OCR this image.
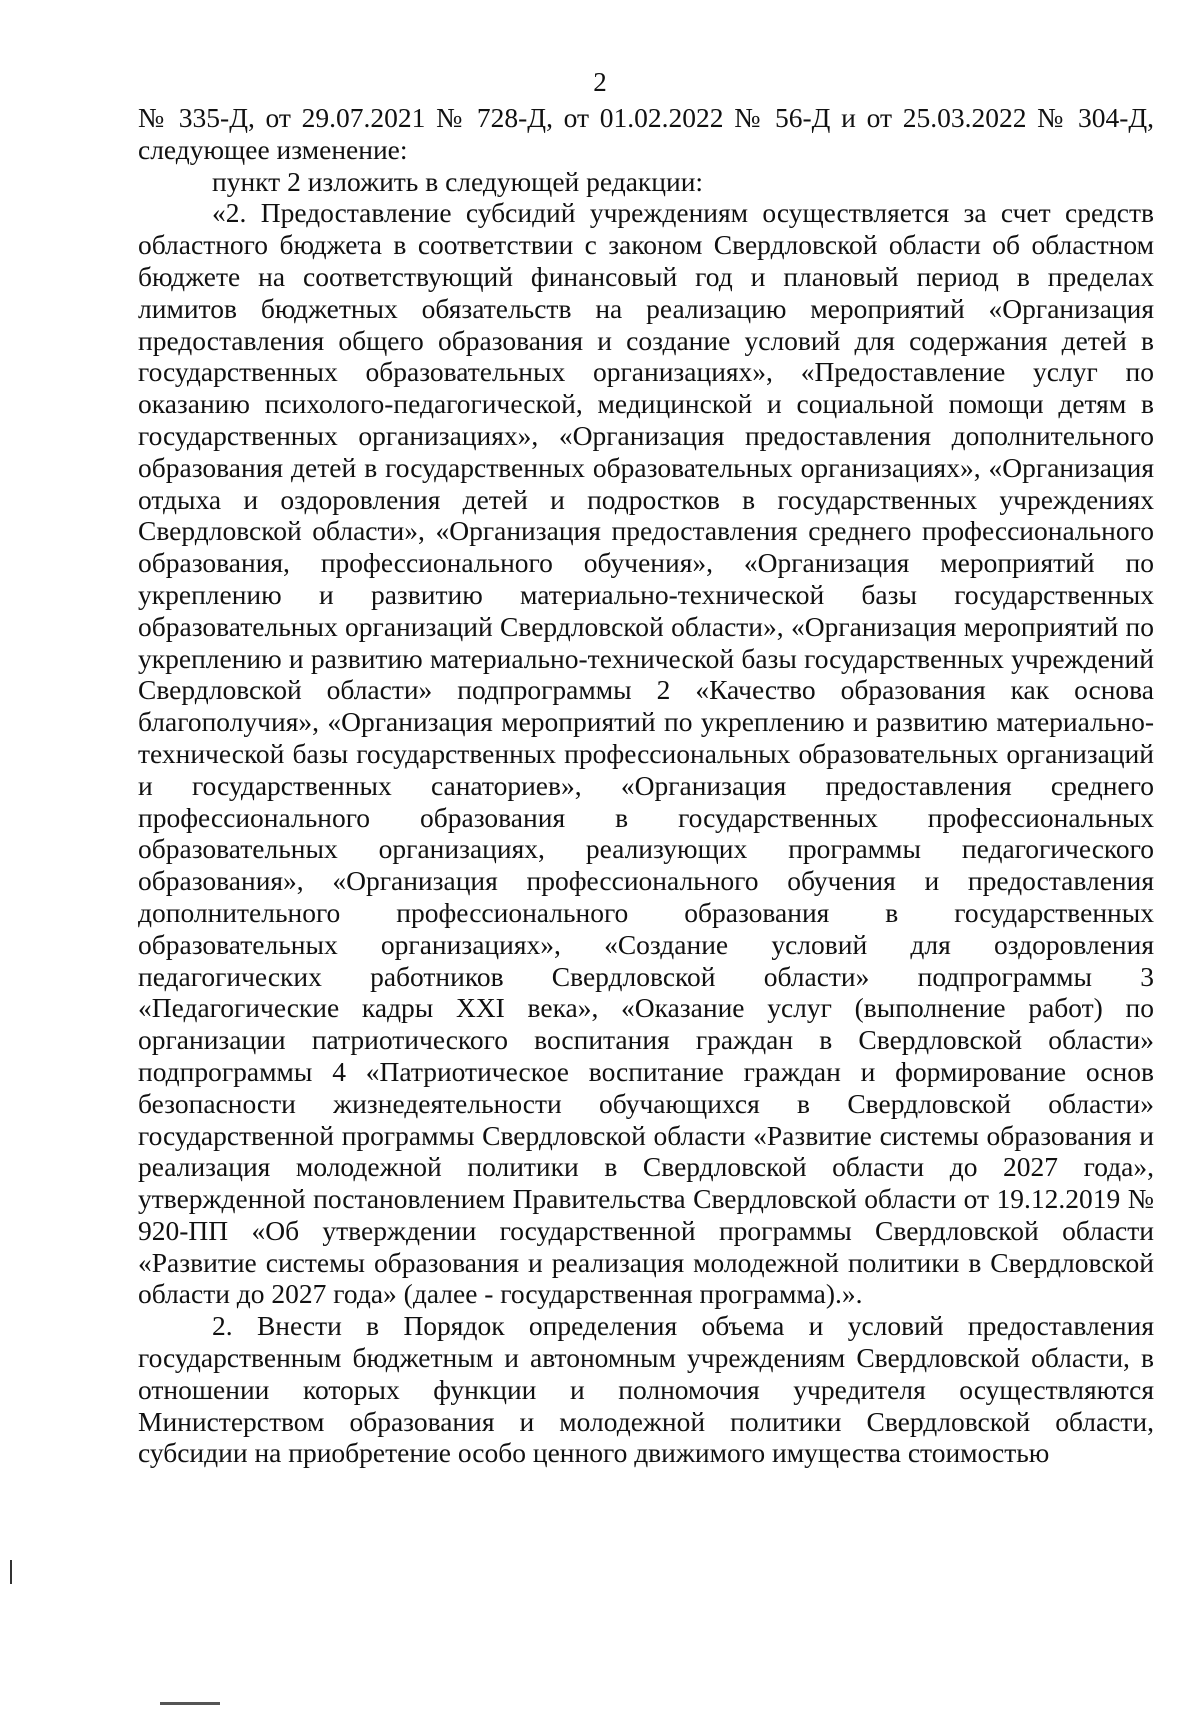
2

№ 335-Д, от 29.07.2021 № 728-Д, от 01.02.2022 № 56-Д и от 25.03.2022 № 304-Д, следующее изменение:

пункт 2 изложить в следующей редакции:

«2. Предоставление субсидий учреждениям осуществляется за счет средств областного бюджета в соответствии с законом Свердловской области об областном бюджете на соответствующий финансовый год и плановый период в пределах лимитов бюджетных обязательств на реализацию мероприятий «Организация предоставления общего образования и создание условий для содержания детей в государственных образовательных организациях», «Предоставление услуг по оказанию психолого-педагогической, медицинской и социальной помощи детям в государственных организациях», «Организация предоставления дополнительного образования детей в государственных образовательных организациях», «Организация отдыха и оздоровления детей и подростков в государственных учреждениях Свердловской области», «Организация предоставления среднего профессионального образования, профессионального обучения», «Организация мероприятий по укреплению и развитию материально-технической базы государственных образовательных организаций Свердловской области», «Организация мероприятий по укреплению и развитию материально-технической базы государственных учреждений Свердловской области» подпрограммы 2 «Качество образования как основа благополучия», «Организация мероприятий по укреплению и развитию материально-технической базы государственных профессиональных образовательных организаций и государственных санаториев», «Организация предоставления среднего профессионального образования в государственных профессиональных образовательных организациях, реализующих программы педагогического образования», «Организация профессионального обучения и предоставления дополнительного профессионального образования в государственных образовательных организациях», «Создание условий для оздоровления педагогических работников Свердловской области» подпрограммы 3 «Педагогические кадры XXI века», «Оказание услуг (выполнение работ) по организации патриотического воспитания граждан в Свердловской области» подпрограммы 4 «Патриотическое воспитание граждан и формирование основ безопасности жизнедеятельности обучающихся в Свердловской области» государственной программы Свердловской области «Развитие системы образования и реализация молодежной политики в Свердловской области до 2027 года», утвержденной постановлением Правительства Свердловской области от 19.12.2019 № 920-ПП «Об утверждении государственной программы Свердловской области «Развитие системы образования и реализация молодежной политики в Свердловской области до 2027 года» (далее - государственная программа).».

2. Внести в Порядок определения объема и условий предоставления государственным бюджетным и автономным учреждениям Свердловской области, в отношении которых функции и полномочия учредителя осуществляются Министерством образования и молодежной политики Свердловской области, субсидии на приобретение особо ценного движимого имущества стоимостью
